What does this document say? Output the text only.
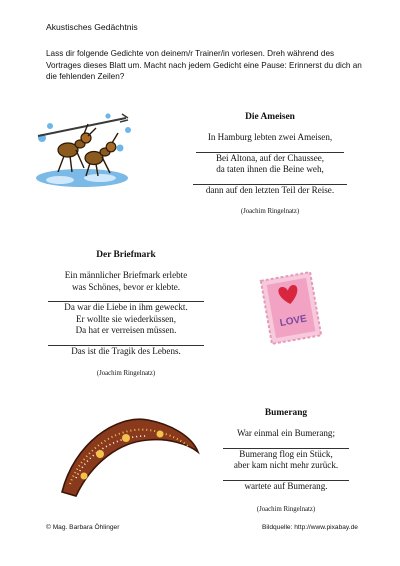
Akustisches Gedächtnis
Lass dir folgende Gedichte von deinem/r Trainer/in vorlesen. Dreh während des Vortrages dieses Blatt um. Macht nach jedem Gedicht eine Pause: Erinnerst du dich an die fehlenden Zeilen?
Die Ameisen
In Hamburg lebten zwei Ameisen,
Bei Altona, auf der Chaussee,
da taten ihnen die Beine weh,
dann auf den letzten Teil der Reise.
(Joachim Ringelnatz)
Der Briefmark
Ein männlicher Briefmark erlebte
was Schönes, bevor er klebte.
Da war die Liebe in ihm geweckt.
Er wollte sie wiederküssen,
Da hat er verreisen müssen.
Das ist die Tragik des Lebens.
(Joachim Ringelnatz)
LOVE
Bumerang
War einmal ein Bumerang;
Bumerang flog ein Stück,
aber kam nicht mehr zurück.
wartete auf Bumerang.
(Joachim Ringelnatz)
© Mag. Barbara Öhlinger	Bildquelle: http://www.pixabay.de
